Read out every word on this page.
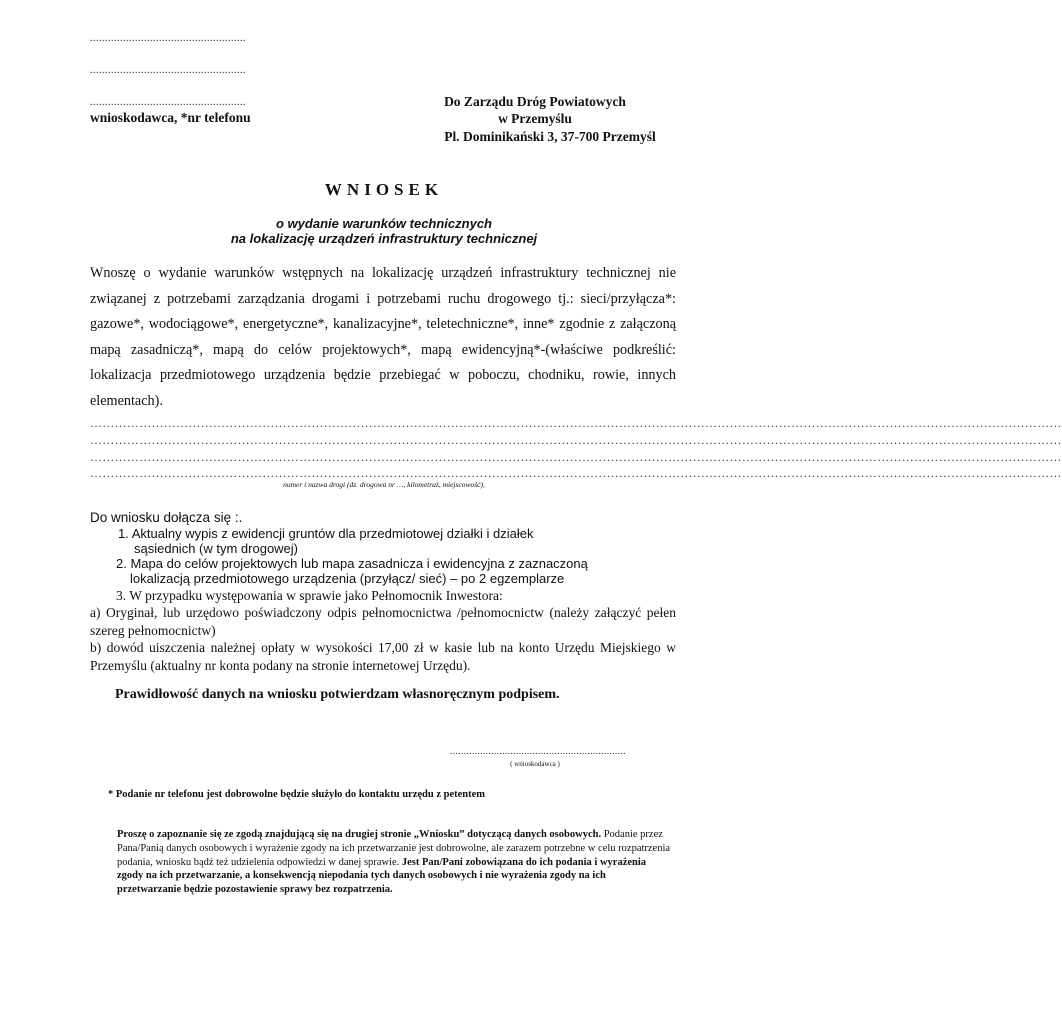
....................................................
....................................................
....................................................
wnioskodawca, *nr telefonu
Do Zarządu Dróg Powiatowych
w Przemyślu
Pl. Dominikański 3, 37-700 Przemyśl
WNIOSEK
o wydanie warunków technicznych
na lokalizację urządzeń infrastruktury technicznej
Wnoszę o wydanie warunków wstępnych na lokalizację urządzeń infrastruktury technicznej nie związanej z potrzebami zarządzania drogami i potrzebami ruchu drogowego tj.: sieci/przyłącza*: gazowe*, wodociągowe*, energetyczne*, kanalizacyjne*, teletechniczne*, inne* zgodnie z załączoną mapą zasadniczą*, mapą do celów projektowych*, mapą ewidencyjną*-(właściwe podkreślić: lokalizacja przedmiotowego urządzenia będzie przebiegać w poboczu, chodniku, rowie, innych elementach).
…………………………………………………………………………………………………………………………………………………………………………………………………………………
…………………………………………………………………………………………………………………………………………………………………………………………………………………
…………………………………………………………………………………………………………………………………………………………………………………………………………………
…………………………………………………………………………………………………………………………………………………………………………………………………………………
numer i nazwa drogi (dz. drogowa nr …, kilometraż, miejscowość),
Do wniosku dołącza się :.
1. Aktualny wypis z ewidencji gruntów dla przedmiotowej działki i działek
sąsiednich (w tym drogowej)
2. Mapa do celów projektowych lub mapa zasadnicza i ewidencyjna z zaznaczoną
lokalizacją przedmiotowego urządzenia (przyłącz/ sieć) – po 2 egzemplarze
3. W przypadku występowania w sprawie jako Pełnomocnik Inwestora:
a) Oryginał, lub urzędowo poświadczony odpis pełnomocnictwa /pełnomocnictw (należy załączyć pełen szereg pełnomocnictw)
b) dowód uiszczenia należnej opłaty w wysokości 17,00 zł w kasie lub na konto Urzędu Miejskiego w Przemyślu (aktualny nr konta podany na stronie internetowej Urzędu).
Prawidłowość danych na wniosku potwierdzam własnoręcznym podpisem.
................................................................
( wnioskodawca )
* Podanie nr telefonu jest dobrowolne będzie służyło do kontaktu urzędu z petentem
Proszę o zapoznanie się ze zgodą znajdującą się na drugiej stronie „Wniosku” dotyczącą danych osobowych. Podanie przez Pana/Panią danych osobowych i wyrażenie zgody na ich przetwarzanie jest dobrowolne, ale zarazem potrzebne w celu rozpatrzenia podania, wniosku bądź też udzielenia odpowiedzi w danej sprawie. Jest Pan/Pani zobowiązana do ich podania i wyrażenia zgody na ich przetwarzanie, a konsekwencją niepodania tych danych osobowych i nie wyrażenia zgody na ich przetwarzanie będzie pozostawienie sprawy bez rozpatrzenia.
